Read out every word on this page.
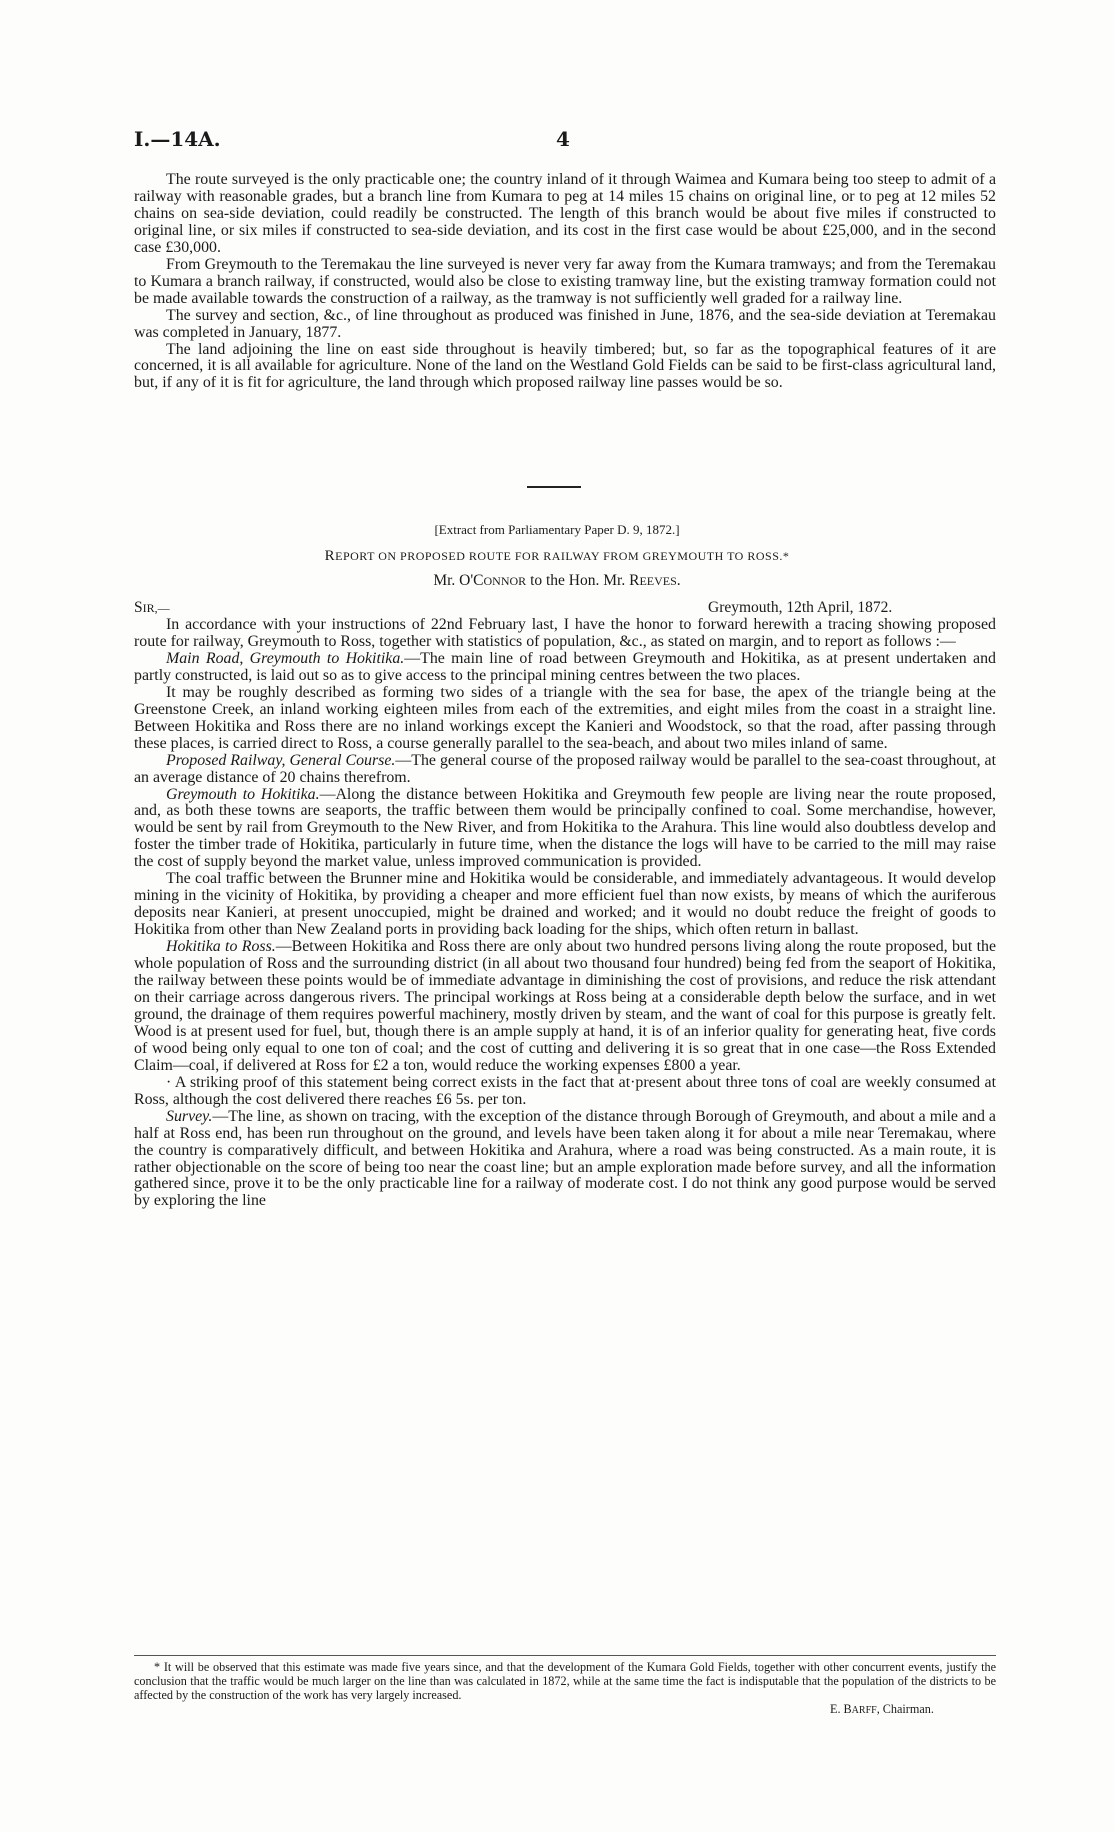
I.—14A.	4

The route surveyed is the only practicable one; the country inland of it through Waimea and Kumara being too steep to admit of a railway with reasonable grades, but a branch line from Kumara to peg at 14 miles 15 chains on original line, or to peg at 12 miles 52 chains on sea-side deviation, could readily be constructed. The length of this branch would be about five miles if constructed to original line, or six miles if constructed to sea-side deviation, and its cost in the first case would be about £25,000, and in the second case £30,000.

From Greymouth to the Teremakau the line surveyed is never very far away from the Kumara tramways; and from the Teremakau to Kumara a branch railway, if constructed, would also be close to existing tramway line, but the existing tramway formation could not be made available towards the construction of a railway, as the tramway is not sufficiently well graded for a railway line.

The survey and section, &c., of line throughout as produced was finished in June, 1876, and the sea-side deviation at Teremakau was completed in January, 1877.

The land adjoining the line on east side throughout is heavily timbered; but, so far as the topographical features of it are concerned, it is all available for agriculture. None of the land on the Westland Gold Fields can be said to be first-class agricultural land, but, if any of it is fit for agriculture, the land through which proposed railway line passes would be so.

[Extract from Parliamentary Paper D. 9, 1872.]
REPORT ON PROPOSED ROUTE FOR RAILWAY FROM GREYMOUTH TO ROSS.*
Mr. O'CONNOR to the Hon. Mr. REEVES.
SIR,—	Greymouth, 12th April, 1872.

In accordance with your instructions of 22nd February last, I have the honor to forward herewith a tracing showing proposed route for railway, Greymouth to Ross, together with statistics of population, &c., as stated on margin, and to report as follows :—

Main Road, Greymouth to Hokitika.—The main line of road between Greymouth and Hokitika, as at present undertaken and partly constructed, is laid out so as to give access to the principal mining centres between the two places.

It may be roughly described as forming two sides of a triangle with the sea for base, the apex of the triangle being at the Greenstone Creek, an inland working eighteen miles from each of the extremities, and eight miles from the coast in a straight line. Between Hokitika and Ross there are no inland workings except the Kanieri and Woodstock, so that the road, after passing through these places, is carried direct to Ross, a course generally parallel to the sea-beach, and about two miles inland of same.

Proposed Railway, General Course.—The general course of the proposed railway would be parallel to the sea-coast throughout, at an average distance of 20 chains therefrom.

Greymouth to Hokitika.—Along the distance between Hokitika and Greymouth few people are living near the route proposed, and, as both these towns are seaports, the traffic between them would be principally confined to coal. Some merchandise, however, would be sent by rail from Greymouth to the New River, and from Hokitika to the Arahura. This line would also doubtless develop and foster the timber trade of Hokitika, particularly in future time, when the distance the logs will have to be carried to the mill may raise the cost of supply beyond the market value, unless improved communication is provided.

The coal traffic between the Brunner mine and Hokitika would be considerable, and immediately advantageous. It would develop mining in the vicinity of Hokitika, by providing a cheaper and more efficient fuel than now exists, by means of which the auriferous deposits near Kanieri, at present unoccupied, might be drained and worked; and it would no doubt reduce the freight of goods to Hokitika from other than New Zealand ports in providing back loading for the ships, which often return in ballast.

Hokitika to Ross.—Between Hokitika and Ross there are only about two hundred persons living along the route proposed, but the whole population of Ross and the surrounding district (in all about two thousand four hundred) being fed from the seaport of Hokitika, the railway between these points would be of immediate advantage in diminishing the cost of provisions, and reduce the risk attendant on their carriage across dangerous rivers. The principal workings at Ross being at a considerable depth below the surface, and in wet ground, the drainage of them requires powerful machinery, mostly driven by steam, and the want of coal for this purpose is greatly felt. Wood is at present used for fuel, but, though there is an ample supply at hand, it is of an inferior quality for generating heat, five cords of wood being only equal to one ton of coal; and the cost of cutting and delivering it is so great that in one case—the Ross Extended Claim—coal, if delivered at Ross for £2 a ton, would reduce the working expenses £800 a year.

· A striking proof of this statement being correct exists in the fact that at·present about three tons of coal are weekly consumed at Ross, although the cost delivered there reaches £6 5s. per ton.

Survey.—The line, as shown on tracing, with the exception of the distance through Borough of Greymouth, and about a mile and a half at Ross end, has been run throughout on the ground, and levels have been taken along it for about a mile near Teremakau, where the country is comparatively difficult, and between Hokitika and Arahura, where a road was being constructed. As a main route, it is rather objectionable on the score of being too near the coast line; but an ample exploration made before survey, and all the information gathered since, prove it to be the only practicable line for a railway of moderate cost. I do not think any good purpose would be served by exploring the line

* It will be observed that this estimate was made five years since, and that the development of the Kumara Gold Fields, together with other concurrent events, justify the conclusion that the traffic would be much larger on the line than was calculated in 1872, while at the same time the fact is indisputable that the population of the districts to be affected by the construction of the work has very largely increased.

E. BARFF, Chairman.
